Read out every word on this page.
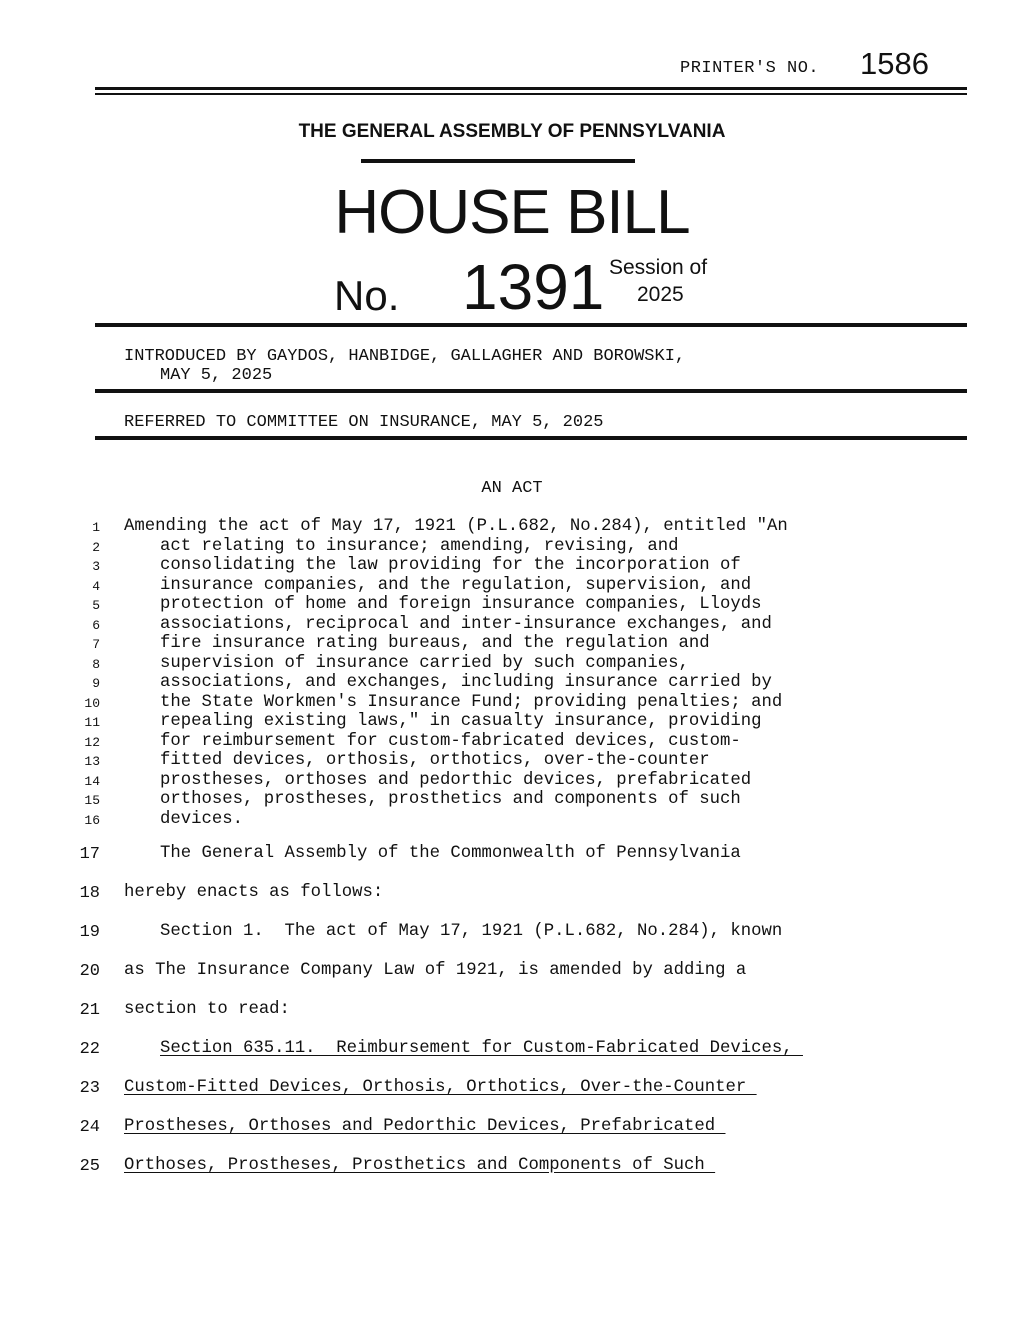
PRINTER'S NO. 1586
THE GENERAL ASSEMBLY OF PENNSYLVANIA
HOUSE BILL
No. 1391 Session of
2025
INTRODUCED BY GAYDOS, HANBIDGE, GALLAGHER AND BOROWSKI,
MAY 5, 2025
REFERRED TO COMMITTEE ON INSURANCE, MAY 5, 2025
AN ACT
1 Amending the act of May 17, 1921 (P.L.682, No.284), entitled "An
2	act relating to insurance; amending, revising, and
3	consolidating the law providing for the incorporation of
4	insurance companies, and the regulation, supervision, and
5	protection of home and foreign insurance companies, Lloyds
6	associations, reciprocal and inter-insurance exchanges, and
7	fire insurance rating bureaus, and the regulation and
8	supervision of insurance carried by such companies,
9	associations, and exchanges, including insurance carried by
10	the State Workmen's Insurance Fund; providing penalties; and
11	repealing existing laws," in casualty insurance, providing
12	for reimbursement for custom-fabricated devices, custom-
13	fitted devices, orthosis, orthotics, over-the-counter
14	prostheses, orthoses and pedorthic devices, prefabricated
15	orthoses, prostheses, prosthetics and components of such
16	devices.
17	The General Assembly of the Commonwealth of Pennsylvania
18 hereby enacts as follows:
19	Section 1.  The act of May 17, 1921 (P.L.682, No.284), known
20 as The Insurance Company Law of 1921, is amended by adding a
21 section to read:
22	Section 635.11.  Reimbursement for Custom-Fabricated Devices,
23 Custom-Fitted Devices, Orthosis, Orthotics, Over-the-Counter
24 Prostheses, Orthoses and Pedorthic Devices, Prefabricated
25 Orthoses, Prostheses, Prosthetics and Components of Such
